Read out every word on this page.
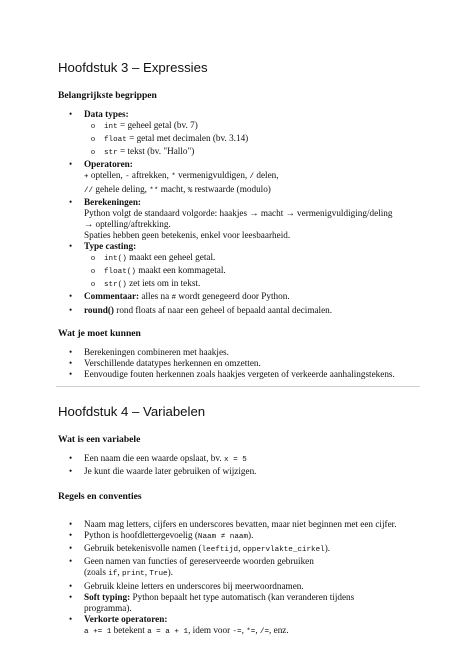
Hoofdstuk 3 – Expressies
Belangrijkste begrippen
• Data types:
o int = geheel getal (bv. 7)
o float = getal met decimalen (bv. 3.14)
o str = tekst (bv. "Hallo")
• Operatoren:
+ optellen, - aftrekken, * vermenigvuldigen, / delen,
// gehele deling, ** macht, % restwaarde (modulo)
• Berekeningen:
Python volgt de standaard volgorde: haakjes → macht → vermenigvuldiging/deling
→ optelling/aftrekking.
Spaties hebben geen betekenis, enkel voor leesbaarheid.
• Type casting:
o int() maakt een geheel getal.
o float() maakt een kommagetal.
o str() zet iets om in tekst.
• Commentaar: alles na # wordt genegeerd door Python.
• round() rond floats af naar een geheel of bepaald aantal decimalen.
Wat je moet kunnen
• Berekeningen combineren met haakjes.
• Verschillende datatypes herkennen en omzetten.
• Eenvoudige fouten herkennen zoals haakjes vergeten of verkeerde aanhalingstekens.
Hoofdstuk 4 – Variabelen
Wat is een variabele
• Een naam die een waarde opslaat, bv. x = 5
• Je kunt die waarde later gebruiken of wijzigen.
Regels en conventies
• Naam mag letters, cijfers en underscores bevatten, maar niet beginnen met een cijfer.
• Python is hoofdlettergevoelig (Naam ≠ naam).
• Gebruik betekenisvolle namen (leeftijd, oppervlakte_cirkel).
• Geen namen van functies of gereserveerde woorden gebruiken
(zoals if, print, True).
• Gebruik kleine letters en underscores bij meerwoordnamen.
• Soft typing: Python bepaalt het type automatisch (kan veranderen tijdens
programma).
• Verkorte operatoren:
a += 1 betekent a = a + 1, idem voor -=, *=, /=, enz.
